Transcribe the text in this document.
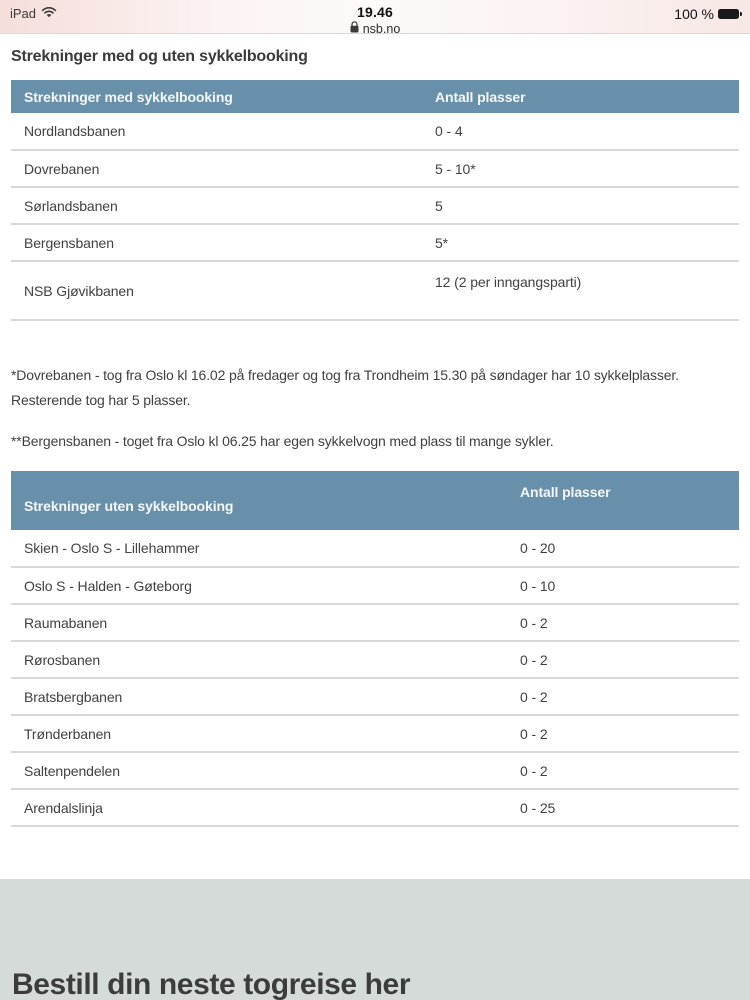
iPad	19.46
nsb.no
100 %
Strekninger med og uten sykkelbooking
Strekninger med sykkelbooking	Antall plasser
Nordlandsbanen	0 - 4
Dovrebanen	5 - 10*
Sørlandsbanen	5
Bergensbanen	5*
NSB Gjøvikbanen	12 (2 per inngangsparti)

*Dovrebanen - tog fra Oslo kl 16.02 på fredager og tog fra Trondheim 15.30 på søndager har 10 sykkelplasser. Resterende tog har 5 plasser.

**Bergensbanen - toget fra Oslo kl 06.25 har egen sykkelvogn med plass til mange sykler.

Strekninger uten sykkelbooking	Antall plasser
Skien - Oslo S - Lillehammer	0 - 20
Oslo S - Halden - Gøteborg	0 - 10
Raumabanen	0 - 2
Rørosbanen	0 - 2
Bratsbergbanen	0 - 2
Trønderbanen	0 - 2
Saltenpendelen	0 - 2
Arendalslinja	0 - 25
Bestill din neste togreise her
